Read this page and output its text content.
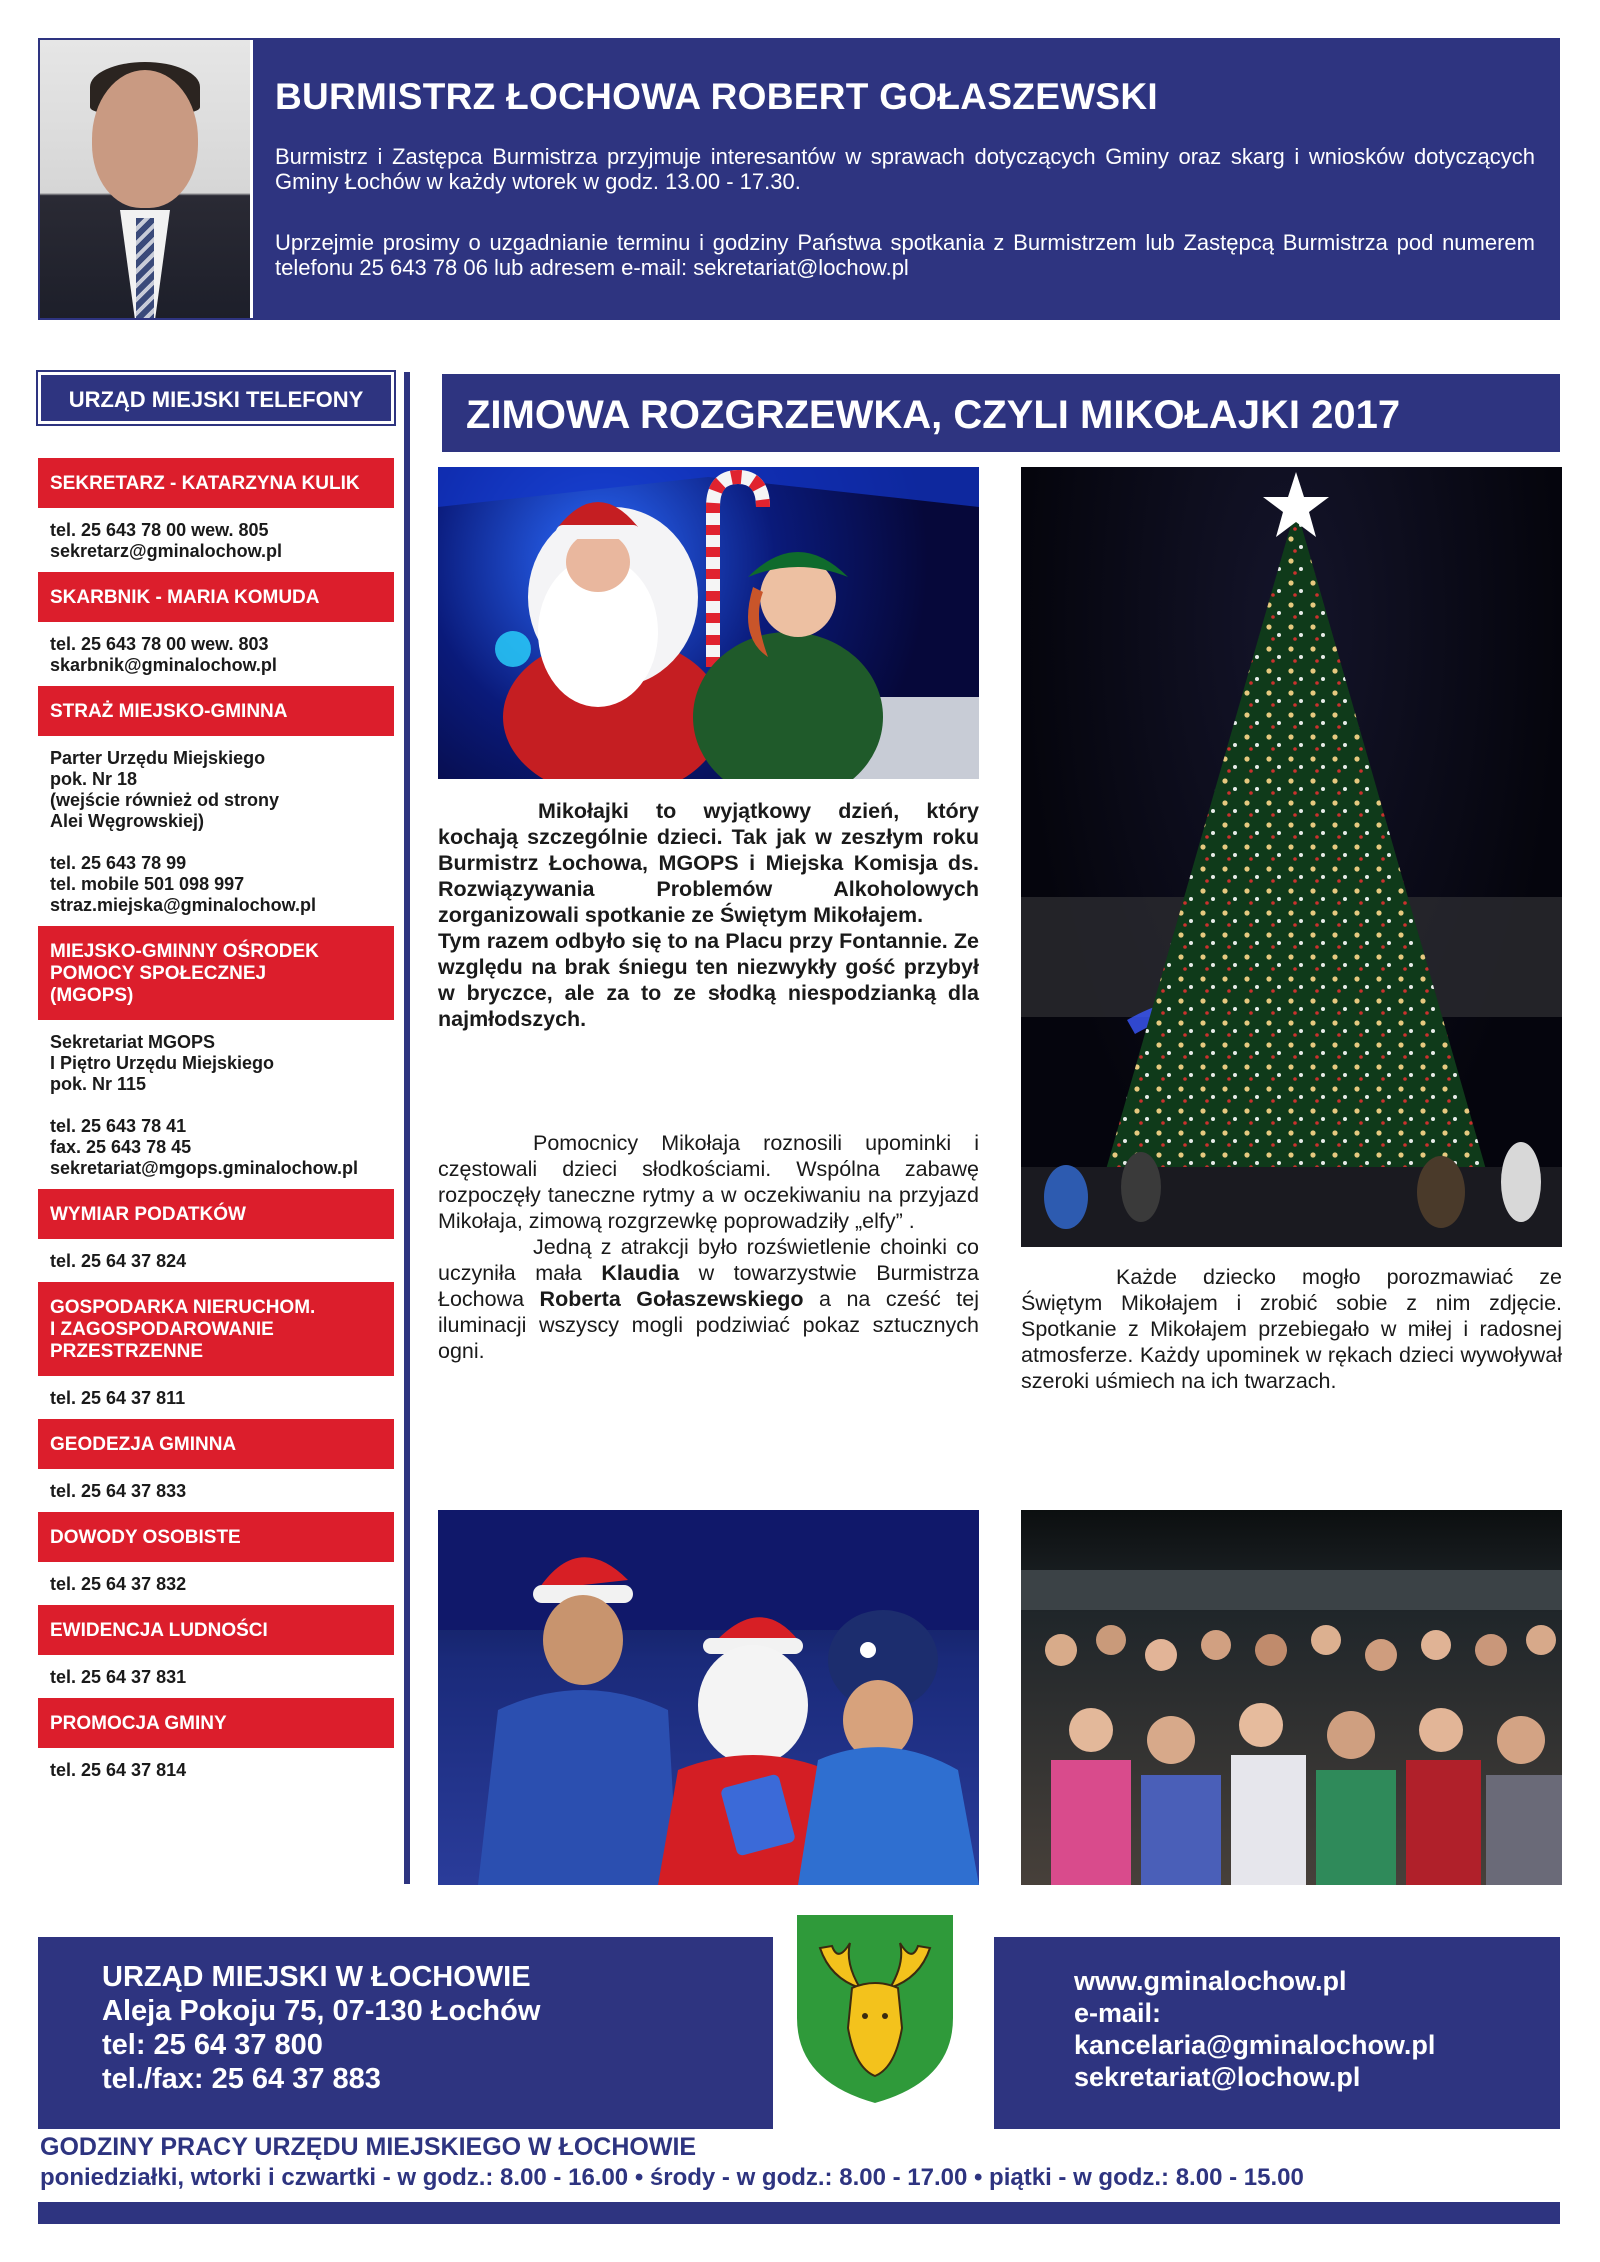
BURMISTRZ ŁOCHOWA ROBERT GOŁASZEWSKI

Burmistrz i Zastępca Burmistrza przyjmuje interesantów w sprawach dotyczących Gminy oraz skarg i wniosków dotyczących Gminy Łochów w każdy wtorek w godz. 13.00 - 17.30.

Uprzejmie prosimy o uzgadnianie terminu i godziny Państwa spotkania z Burmistrzem lub Zastępcą Burmistrza pod numerem telefonu 25 643 78 06 lub adresem e-mail: sekretariat@lochow.pl

URZĄD MIEJSKI TELEFONY
SEKRETARZ - KATARZYNA KULIK
tel. 25 643 78 00 wew. 805
sekretarz@gminalochow.pl
SKARBNIK - MARIA KOMUDA
tel. 25 643 78 00 wew. 803
skarbnik@gminalochow.pl
STRAŻ MIEJSKO-GMINNA
Parter Urzędu Miejskiego
pok. Nr 18
(wejście również od strony
Alei Węgrowskiej)
tel. 25 643 78 99
tel. mobile 501 098 997
straz.miejska@gminalochow.pl
MIEJSKO-GMINNY OŚRODEK
POMOCY SPOŁECZNEJ
(MGOPS)
Sekretariat MGOPS
I Piętro Urzędu Miejskiego
pok. Nr 115
tel. 25 643 78 41
fax. 25 643 78 45
sekretariat@mgops.gminalochow.pl
WYMIAR PODATKÓW
tel. 25 64 37 824
GOSPODARKA NIERUCHOM.
I ZAGOSPODAROWANIE
PRZESTRZENNE
tel. 25 64 37 811
GEODEZJA GMINNA
tel. 25 64 37 833
DOWODY OSOBISTE
tel. 25 64 37 832
EWIDENCJA LUDNOŚCI
tel. 25 64 37 831
PROMOCJA GMINY
tel. 25 64 37 814
ZIMOWA ROZGRZEWKA, CZYLI MIKOŁAJKI 2017

Mikołajki to wyjątkowy dzień, który kochają szczególnie dzieci. Tak jak w zeszłym roku Burmistrz Łochowa, MGOPS i Miejska Komisja ds. Rozwiązywania Problemów Alkoholowych zorganizowali spotkanie ze Świętym Mikołajem.

Tym razem odbyło się to na Placu przy Fontannie. Ze względu na brak śniegu ten niezwykły gość przybył w bryczce, ale za to ze słodką niespodzianką dla najmłodszych.

Pomocnicy Mikołaja roznosili upominki i częstowali dzieci słodkościami. Wspólna zabawę rozpoczęły taneczne rytmy a w oczekiwaniu na przyjazd Mikołaja, zimową rozgrzewkę poprowadziły „elfy” .

Jedną z atrakcji było rozświetlenie choinki co uczyniła mała Klaudia w towarzystwie Burmistrza Łochowa Roberta Gołaszewskiego a na cześć tej iluminacji wszyscy mogli podziwiać pokaz sztucznych ogni.

Każde dziecko mogło porozmawiać ze Świętym Mikołajem i zrobić sobie z nim zdjęcie. Spotkanie z Mikołajem przebiegało w miłej i radosnej atmosferze. Każdy upominek w rękach dzieci wywoływał szeroki uśmiech na ich twarzach.

URZĄD MIEJSKI W ŁOCHOWIE
Aleja Pokoju 75, 07-130 Łochów
tel: 25 64 37 800
tel./fax: 25 64 37 883
www.gminalochow.pl
e-mail:
kancelaria@gminalochow.pl
sekretariat@lochow.pl

GODZINY PRACY URZĘDU MIEJSKIEGO W ŁOCHOWIE

poniedziałki, wtorki i czwartki - w godz.: 8.00 - 16.00 • środy - w godz.: 8.00 - 17.00 • piątki - w godz.: 8.00 - 15.00
